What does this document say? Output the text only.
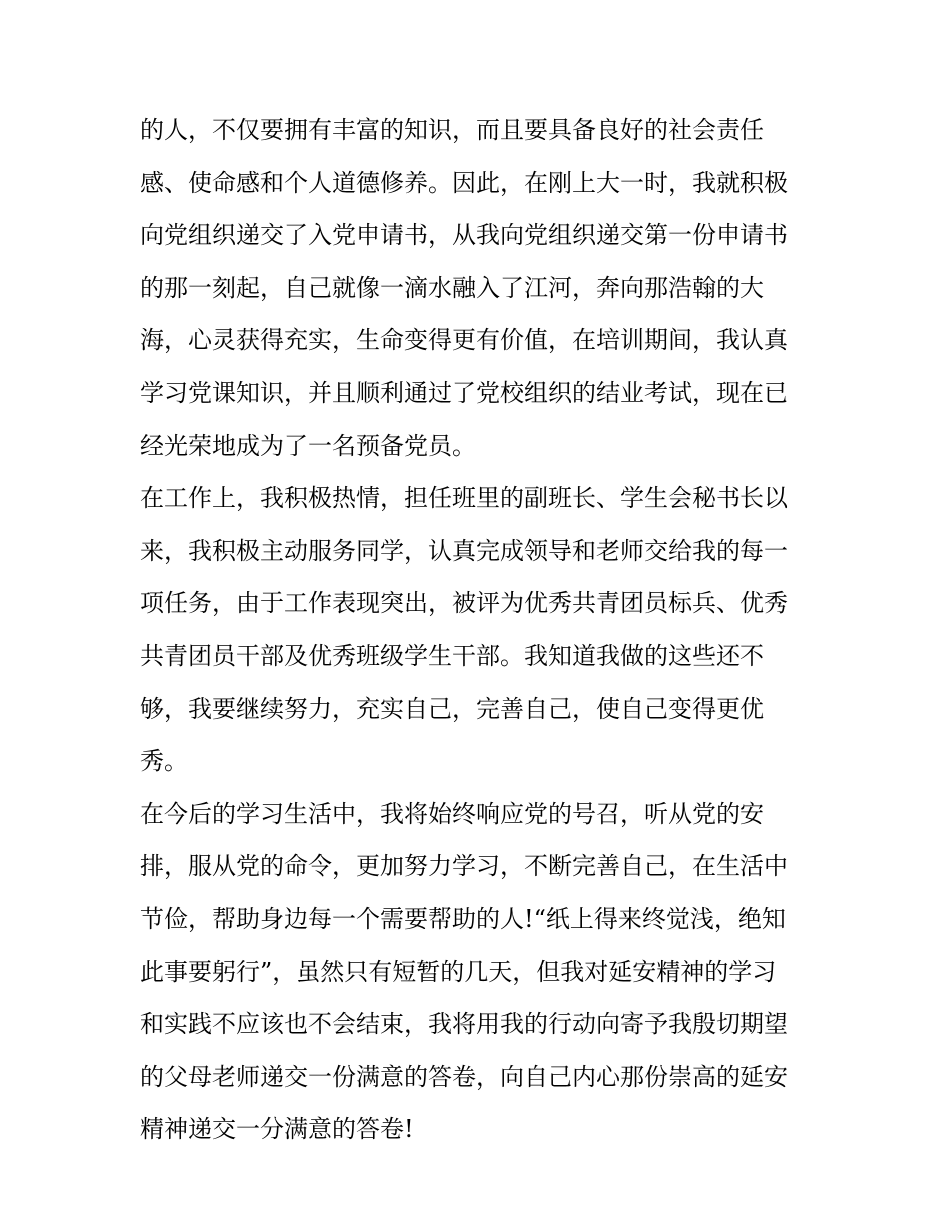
的人，不仅要拥有丰富的知识，而且要具备良好的社会责任
感、使命感和个人道德修养。因此，在刚上大一时，我就积极
向党组织递交了入党申请书，从我向党组织递交第一份申请书
的那一刻起，自己就像一滴水融入了江河，奔向那浩翰的大
海，心灵获得充实，生命变得更有价值，在培训期间，我认真
学习党课知识，并且顺利通过了党校组织的结业考试，现在已
经光荣地成为了一名预备党员。
在工作上，我积极热情，担任班里的副班长、学生会秘书长以
来，我积极主动服务同学，认真完成领导和老师交给我的每一
项任务，由于工作表现突出，被评为优秀共青团员标兵、优秀
共青团员干部及优秀班级学生干部。我知道我做的这些还不
够，我要继续努力，充实自己，完善自己，使自己变得更优
秀。
在今后的学习生活中，我将始终响应党的号召，听从党的安
排，服从党的命令，更加努力学习，不断完善自己，在生活中
节俭，帮助身边每一个需要帮助的人!“纸上得来终觉浅，绝知
此事要躬行”，虽然只有短暂的几天，但我对延安精神的学习
和实践不应该也不会结束，我将用我的行动向寄予我殷切期望
的父母老师递交一份满意的答卷，向自己内心那份崇高的延安
精神递交一分满意的答卷!
